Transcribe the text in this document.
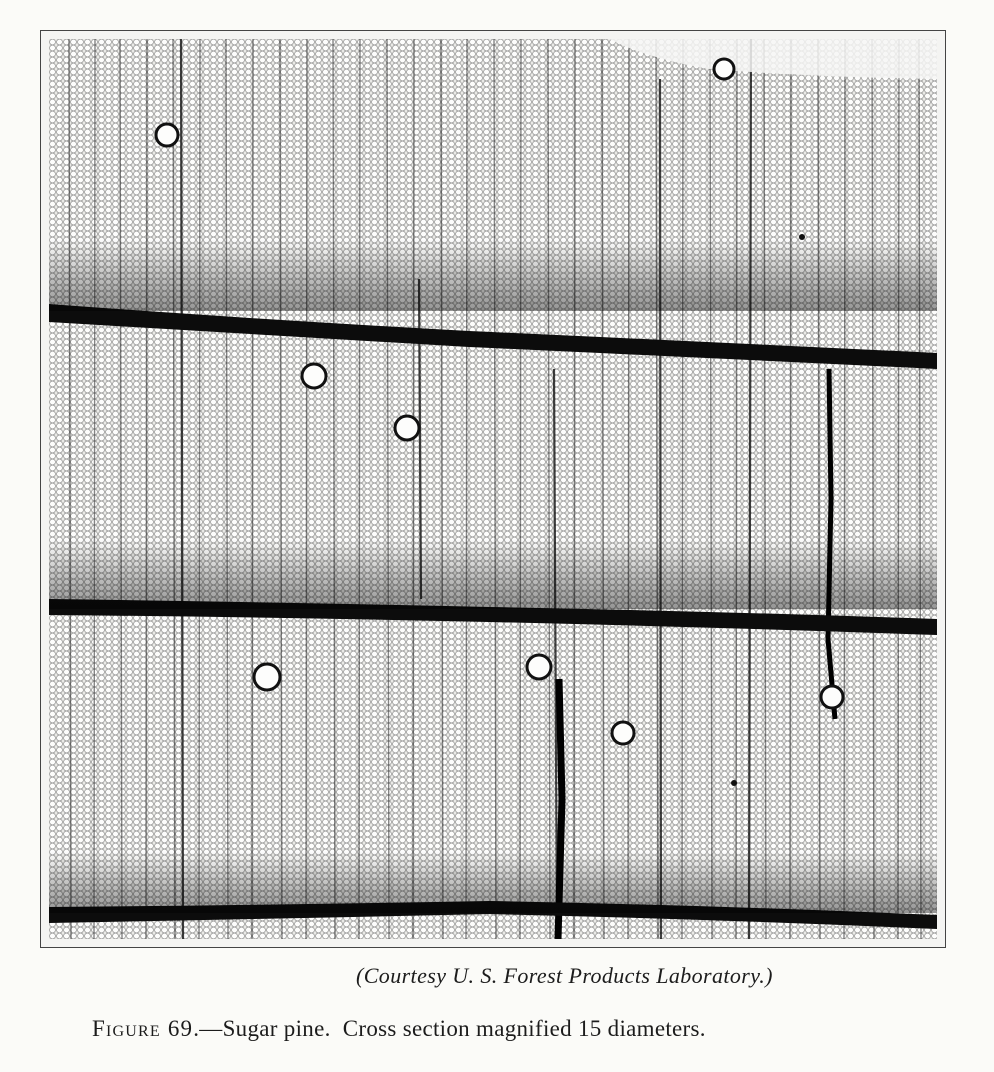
(Courtesy U. S. Forest Products Laboratory.)
Figure 69.—Sugar pine.  Cross section magnified 15 diameters.
